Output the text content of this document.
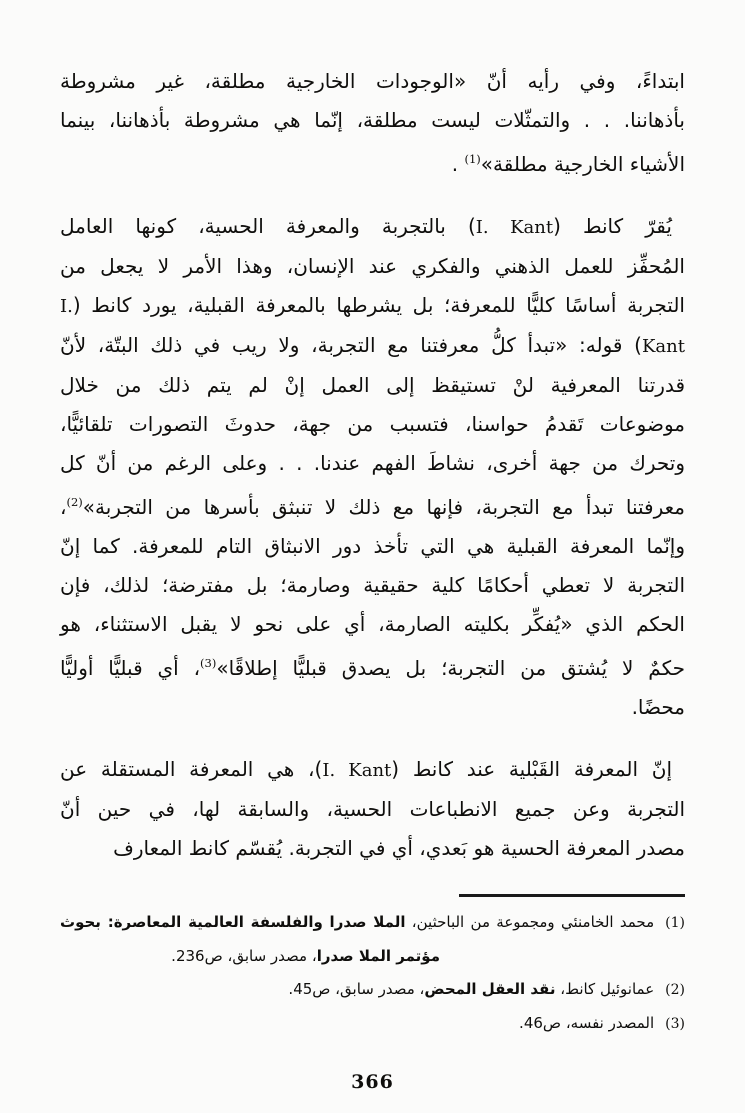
ابتداءً، وفي رأيه أنّ «الوجودات الخارجية مطلقة، غير مشروطة
بأذهاننا. . . والتمثّلات ليست مطلقة، إنّما هي مشروطة بأذهاننا، بينما
الأشياء الخارجية مطلقة»$^{(1)}$ .
يُقرّ كانط (I. Kant) بالتجربة والمعرفة الحسية، كونها العامل
المُحفِّز للعمل الذهني والفكري عند الإنسان، وهذا الأمر لا يجعل من
التجربة أساسًا كليًّا للمعرفة؛ بل يشرطها بالمعرفة القبلية، يورد كانط (I.
Kant) قوله: «تبدأ كلُّ معرفتنا مع التجربة، ولا ريب في ذلك البتّة، لأنّ
قدرتنا المعرفية لنْ تستيقظ إلى العمل إنْ لم يتم ذلك من خلال
موضوعات تَقدمُ حواسنا، فتسبب من جهة، حدوثَ التصورات تلقائيًّا،
وتحرك من جهة أخرى، نشاطَ الفهم عندنا. . . وعلى الرغم من أنّ كل
معرفتنا تبدأ مع التجربة، فإنها مع ذلك لا تنبثق بأسرها من التجربة»$^{(2)}$،
وإنّما المعرفة القبلية هي التي تأخذ دور الانبثاق التام للمعرفة. كما إنّ
التجربة لا تعطي أحكامًا كلية حقيقية وصارمة؛ بل مفترضة؛ لذلك، فإن
الحكم الذي «يُفكِّر بكليته الصارمة، أي على نحو لا يقبل الاستثناء، هو
حكمٌ لا يُشتق من التجربة؛ بل يصدق قبليًّا إطلاقًا»$^{(3)}$، أي قبليًّا أوليًّا
محضًا.
إنّ المعرفة القَبْلية عند كانط (I. Kant)، هي المعرفة المستقلة عن
التجربة وعن جميع الانطباعات الحسية، والسابقة لها، في حين أنّ
مصدر المعرفة الحسية هو بَعدي، أي في التجربة. يُقسّم كانط المعارف
(1)محمد الخامنئي ومجموعة من الباحثين، الملا صدرا والفلسفة العالمية المعاصرة: بحوث
مؤتمر الملا صدرا، مصدر سابق، ص236.
(2)عمانوئيل كانط، نقد العقل المحض، مصدر سابق، ص45.
(3)المصدر نفسه، ص46.
366
